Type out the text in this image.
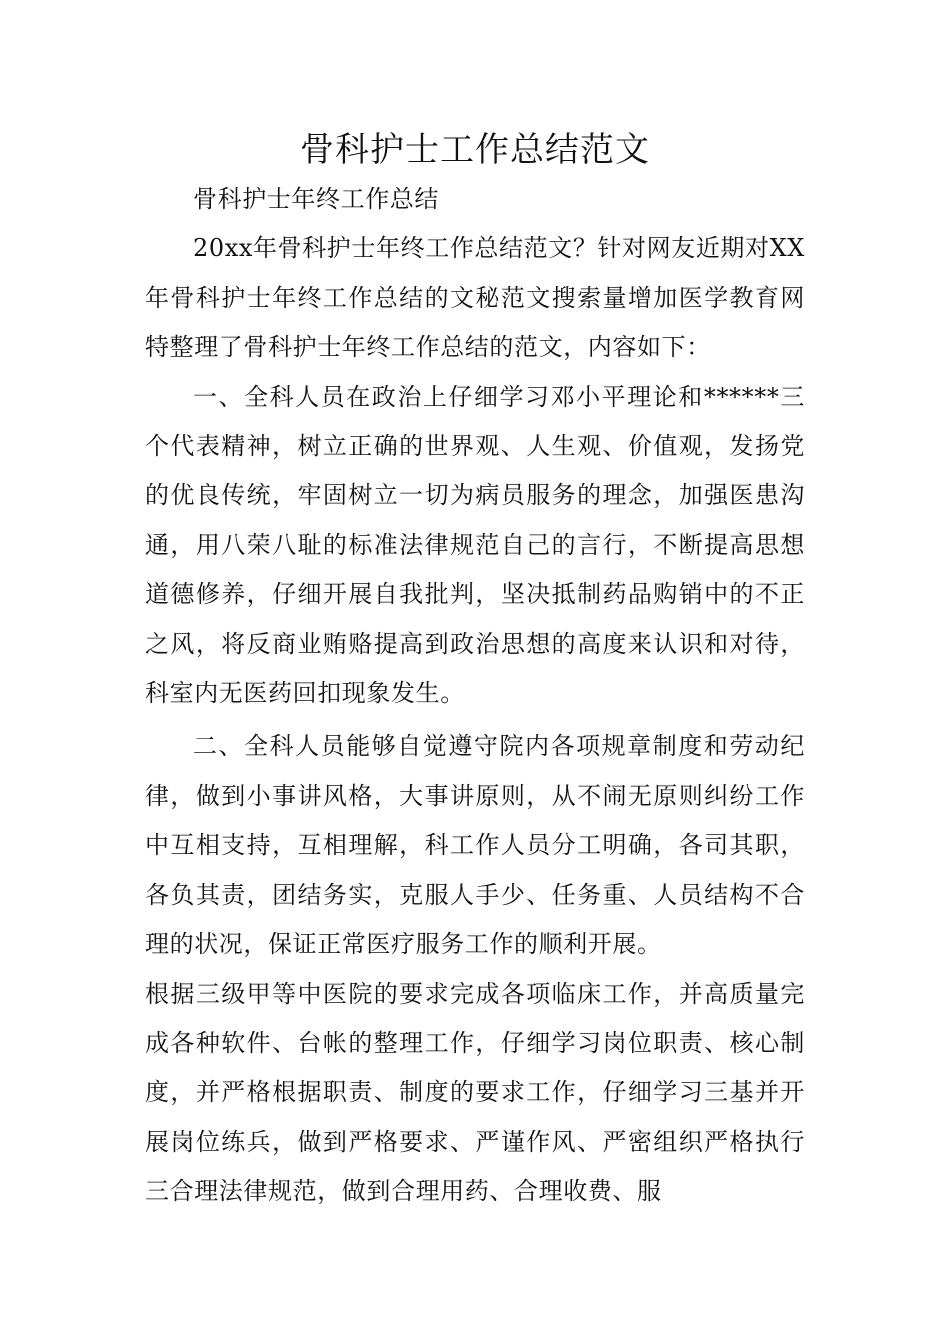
骨科护士工作总结范文

骨科护士年终工作总结

20xx年骨科护士年终工作总结范文？针对网友近期对XX年骨科护士年终工作总结的文秘范文搜索量增加医学教育网特整理了骨科护士年终工作总结的范文，内容如下：

一、全科人员在政治上仔细学习邓小平理论和******三个代表精神，树立正确的世界观、人生观、价值观，发扬党的优良传统，牢固树立一切为病员服务的理念，加强医患沟通，用八荣八耻的标准法律规范自己的言行，不断提高思想道德修养，仔细开展自我批判，坚决抵制药品购销中的不正之风，将反商业贿赂提高到政治思想的高度来认识和对待，科室内无医药回扣现象发生。

二、全科人员能够自觉遵守院内各项规章制度和劳动纪律，做到小事讲风格，大事讲原则，从不闹无原则纠纷工作中互相支持，互相理解，科工作人员分工明确，各司其职，各负其责，团结务实，克服人手少、任务重、人员结构不合理的状况，保证正常医疗服务工作的顺利开展。

根据三级甲等中医院的要求完成各项临床工作，并高质量完成各种软件、台帐的整理工作，仔细学习岗位职责、核心制度，并严格根据职责、制度的要求工作，仔细学习三基并开展岗位练兵，做到严格要求、严谨作风、严密组织严格执行三合理法律规范，做到合理用药、合理收费、服
